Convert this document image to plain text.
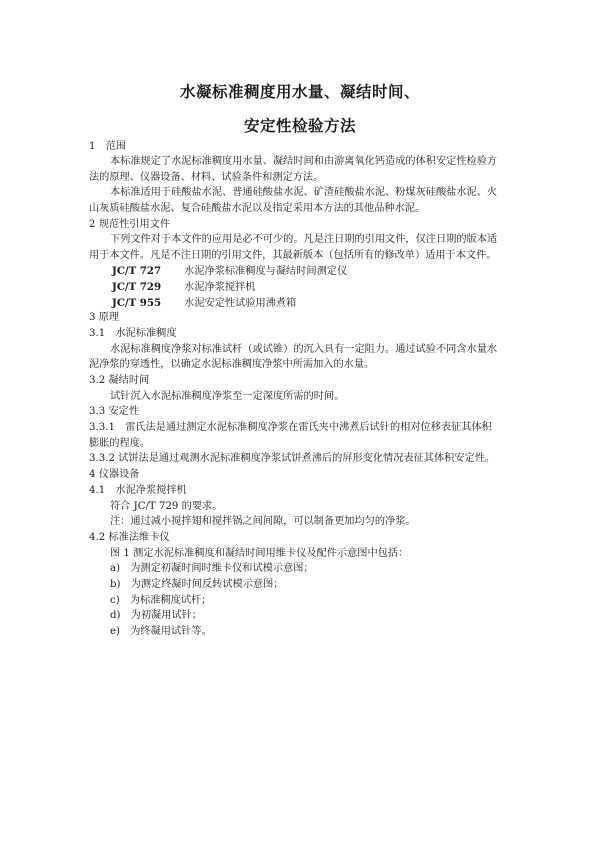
水凝标准稠度用水量、凝结时间、
安定性检验方法
1　范围
本标准规定了水泥标准稠度用水量、凝结时间和由游离氧化钙造成的体积安定性检验方
法的原理、仪器设备、材料、试验条件和测定方法。
本标准适用于硅酸盐水泥、普通硅酸盐水泥、矿渣硅酸盐水泥、粉煤灰硅酸盐水泥、火
山灰质硅酸盐水泥、复合硅酸盐水泥以及指定采用本方法的其他品种水泥。
2 规范性引用文件
下列文件对于本文件的应用是必不可少的。凡是注日期的引用文件，仅注日期的版本适
用于本文件。凡是不注日期的引用文件，其最新版本（包括所有的修改单）适用于本文件。
3 原理
3.1　水泥标准稠度
水泥标准稠度净浆对标准试杆（或试锥）的沉入具有一定阻力。通过试验不同含水量水
泥净浆的穿透性，以确定水泥标准稠度净浆中所需加入的水量。
3.2 凝结时间
试针沉入水泥标准稠度净浆至一定深度所需的时间。
3.3 安定性
3.3.1　雷氏法是通过测定水泥标准稠度净浆在雷氏夹中沸煮后试针的相对位移表征其体积
膨胀的程度。
3.3.2 试饼法是通过观测水泥标准稠度净浆试饼煮沸后的屏形变化情况表征其体积安定性。
4 仪器设备
4.1　水泥净浆搅拌机
符合 JC/T 729 的要求。
注：通过减小搅拌翅和搅拌锅之间间隙，可以制备更加均匀的净浆。
4.2 标准法维卡仪
图 1 测定水泥标准稠度和凝结时间用维卡仪及配件示意图中包括：
a)　为测定初凝时间时维卡仪和试模示意图；
b)　为测定终凝时间反转试模示意图；
c)　为标准稠度试杆；
d)　为初凝用试针；
e)　为终凝用试针等。
JC/T 727　水泥净浆标准稠度与凝结时间测定仪
JC/T 729　水泥净浆搅拌机
JC/T 955　水泥安定性试验用沸煮箱
